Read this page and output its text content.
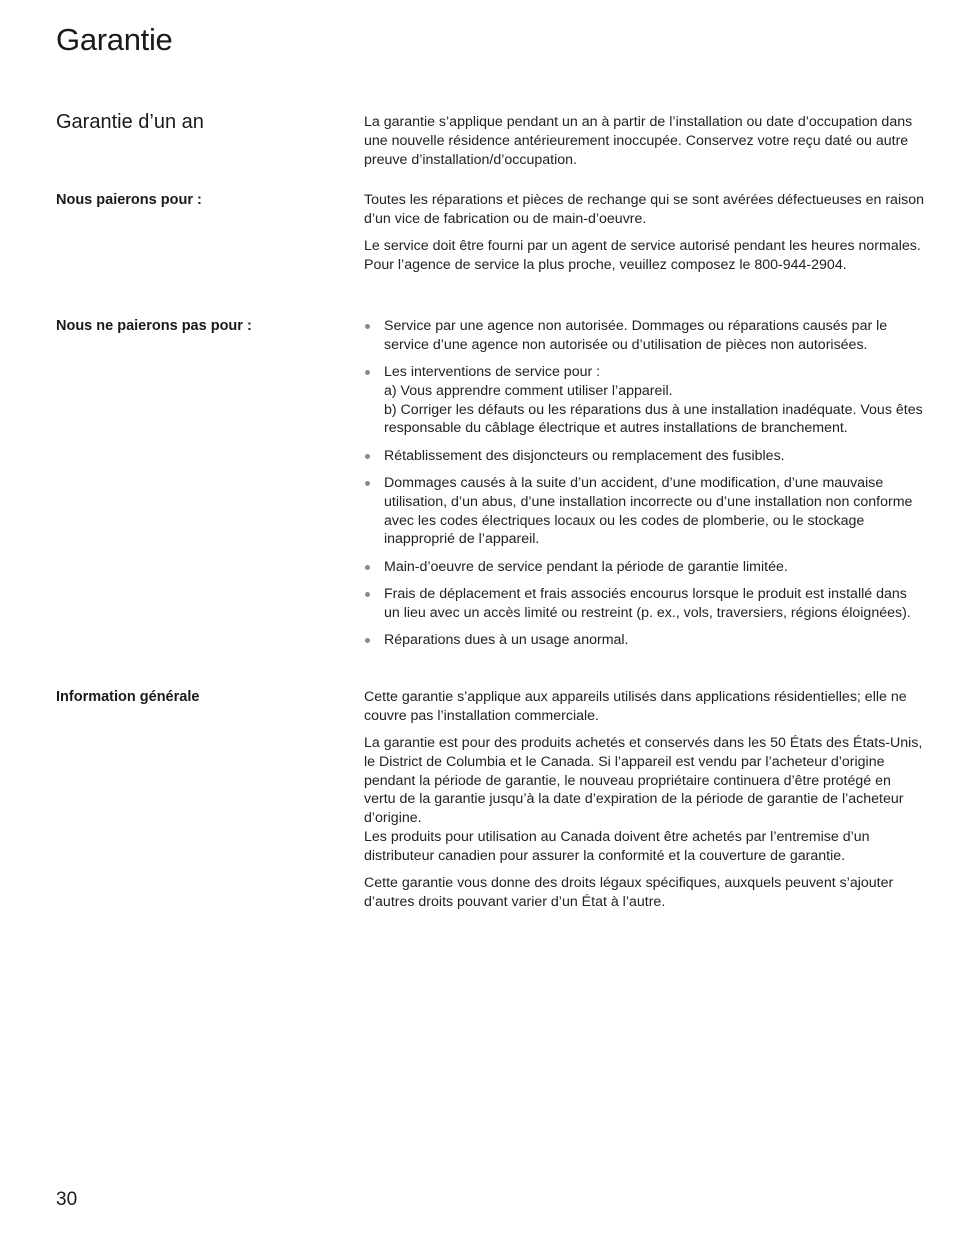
Garantie
Garantie d’un an	La garantie s’applique pendant un an à partir de l’installation ou date d’occupation dans une nouvelle résidence antérieurement inoccupée. Conservez votre reçu daté ou autre preuve d’installation/d’occupation.

Nous paierons pour :	Toutes les réparations et pièces de rechange qui se sont avérées défectueuses en raison d’un vice de fabrication ou de main-d’oeuvre.

Le service doit être fourni par un agent de service autorisé pendant les heures normales. Pour l’agence de service la plus proche, veuillez composez le 800-944-2904.

Nous ne paierons pas pour :	Service par une agence non autorisée. Dommages ou réparations causés par le service d’une agence non autorisée ou d’utilisation de pièces non autorisées.
Les interventions de service pour :
a) Vous apprendre comment utiliser l’appareil.
b) Corriger les défauts ou les réparations dus à une installation inadéquate. Vous êtes responsable du câblage électrique et autres installations de branchement.
Rétablissement des disjoncteurs ou remplacement des fusibles.
Dommages causés à la suite d’un accident, d’une modification, d’une mauvaise utilisation, d’un abus, d’une installation incorrecte ou d’une installation non conforme avec les codes électriques locaux ou les codes de plomberie, ou le stockage inapproprié de l’appareil.
Main-d’oeuvre de service pendant la période de garantie limitée.
Frais de déplacement et frais associés encourus lorsque le produit est installé dans un lieu avec un accès limité ou restreint (p. ex., vols, traversiers, régions éloignées).
Réparations dues à un usage anormal.
Information générale	Cette garantie s’applique aux appareils utilisés dans applications résidentielles; elle ne couvre pas l’installation commerciale.

La garantie est pour des produits achetés et conservés dans les 50 États des États-Unis, le District de Columbia et le Canada. Si l’appareil est vendu par l’acheteur d’origine pendant la période de garantie, le nouveau propriétaire continuera d’être protégé en vertu de la garantie jusqu’à la date d’expiration de la période de garantie de l’acheteur d’origine.
Les produits pour utilisation au Canada doivent être achetés par l’entremise d’un distributeur canadien pour assurer la conformité et la couverture de garantie.

Cette garantie vous donne des droits légaux spécifiques, auxquels peuvent s’ajouter d’autres droits pouvant varier d’un État à l’autre.

30
